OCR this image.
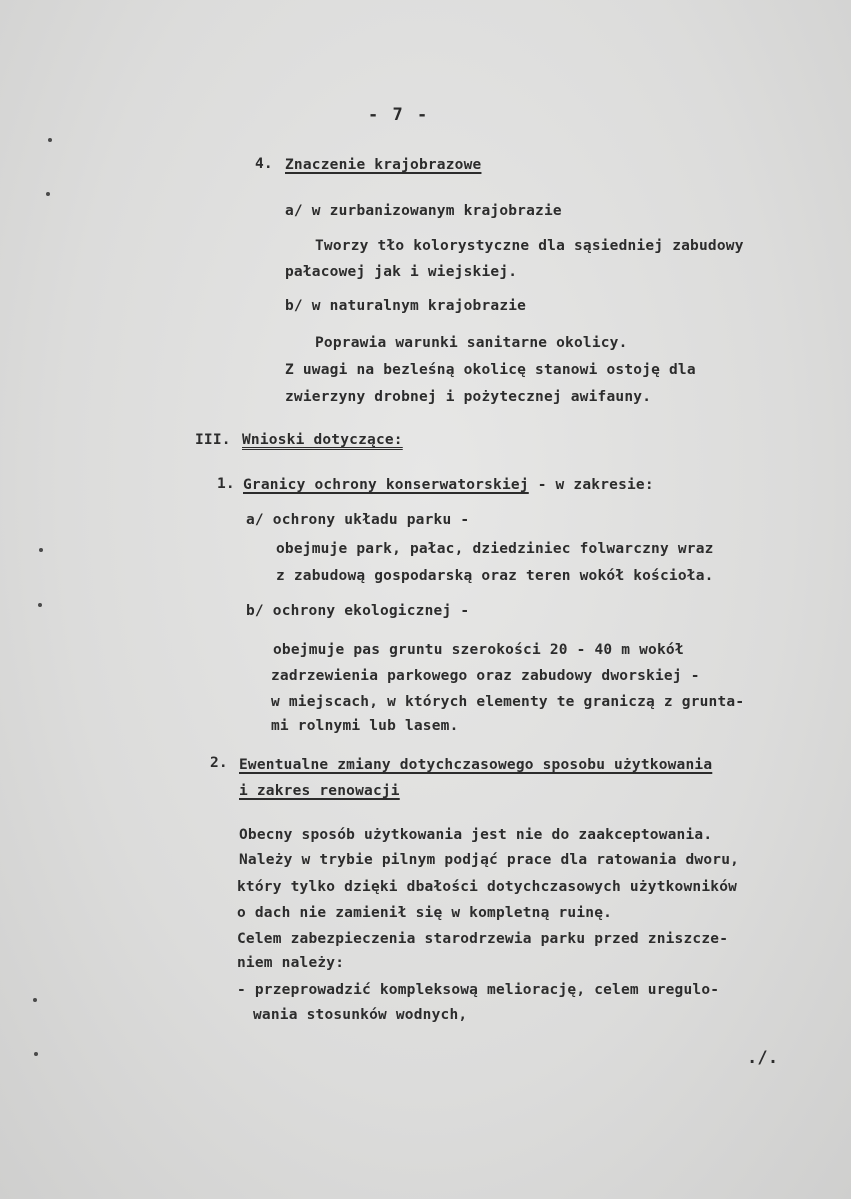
- 7 -
4. Znaczenie krajobrazowe
a/ w zurbanizowanym krajobrazie
Tworzy tło kolorystyczne dla sąsiedniej zabudowy
pałacowej jak i wiejskiej.
b/ w naturalnym krajobrazie
Poprawia warunki sanitarne okolicy.
Z uwagi na bezleśną okolicę stanowi ostoję dla
zwierzyny drobnej i pożytecznej awifauny.
III. Wnioski dotyczące:
1. Granicy ochrony konserwatorskiej - w zakresie:
a/ ochrony układu parku -
obejmuje park, pałac, dziedziniec folwarczny wraz
z zabudową gospodarską oraz teren wokół kościoła.
b/ ochrony ekologicznej -
obejmuje pas gruntu szerokości 20 - 40 m wokół
zadrzewienia parkowego oraz zabudowy dworskiej -
w miejscach, w których elementy te graniczą z grunta-
mi rolnymi lub lasem.
2. Ewentualne zmiany dotychczasowego sposobu użytkowania
i zakres renowacji
Obecny sposób użytkowania jest nie do zaakceptowania.
Należy w trybie pilnym podjąć prace dla ratowania dworu,
który tylko dzięki dbałości dotychczasowych użytkowników
o dach nie zamienił się w kompletną ruinę.
Celem zabezpieczenia starodrzewia parku przed zniszcze-
niem należy:
- przeprowadzić kompleksową meliorację, celem uregulo-
wania stosunków wodnych,
./.
